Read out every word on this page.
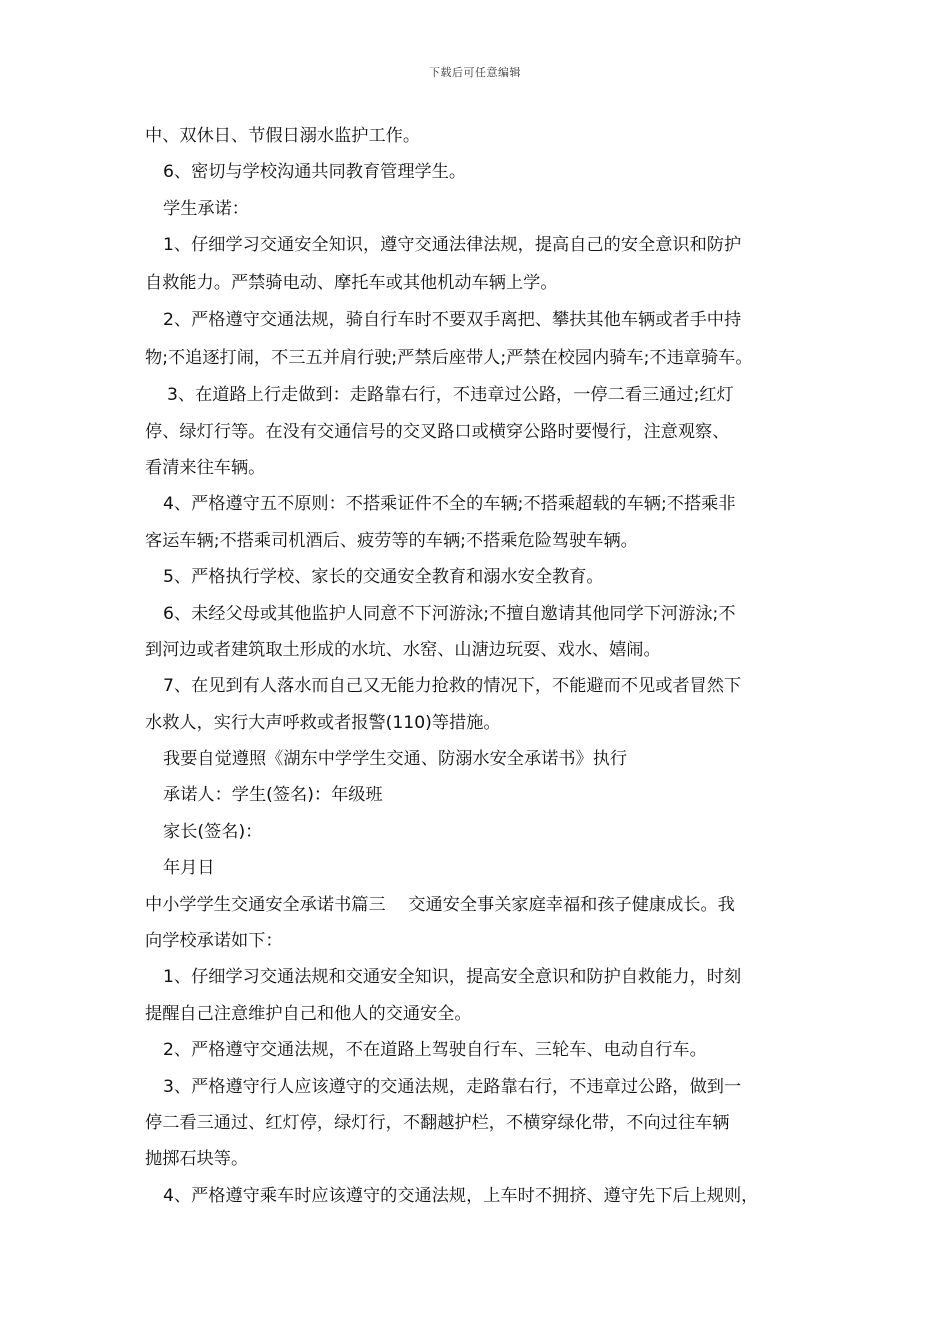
下载后可任意编辑
中、双休日、节假日溺水监护工作。
6、密切与学校沟通共同教育管理学生。
学生承诺：
1、仔细学习交通安全知识，遵守交通法律法规，提高自己的安全意识和防护
自救能力。严禁骑电动、摩托车或其他机动车辆上学。
2、严格遵守交通法规，骑自行车时不要双手离把、攀扶其他车辆或者手中持
物;不追逐打闹，不三五并肩行驶;严禁后座带人;严禁在校园内骑车;不违章骑车。
3、在道路上行走做到：走路靠右行，不违章过公路，一停二看三通过;红灯
停、绿灯行等。在没有交通信号的交叉路口或横穿公路时要慢行，注意观察、
看清来往车辆。
4、严格遵守五不原则：不搭乘证件不全的车辆;不搭乘超载的车辆;不搭乘非
客运车辆;不搭乘司机酒后、疲劳等的车辆;不搭乘危险驾驶车辆。
5、严格执行学校、家长的交通安全教育和溺水安全教育。
6、未经父母或其他监护人同意不下河游泳;不擅自邀请其他同学下河游泳;不
到河边或者建筑取土形成的水坑、水窑、山溏边玩耍、戏水、嬉闹。
7、在见到有人落水而自己又无能力抢救的情况下，不能避而不见或者冒然下
水救人，实行大声呼救或者报警(110)等措施。
我要自觉遵照《湖东中学学生交通、防溺水安全承诺书》执行
承诺人：学生(签名)：年级班
家长(签名)：
年月日
中小学学生交通安全承诺书篇三　 交通安全事关家庭幸福和孩子健康成长。我
向学校承诺如下：
1、仔细学习交通法规和交通安全知识，提高安全意识和防护自救能力，时刻
提醒自己注意维护自己和他人的交通安全。
2、严格遵守交通法规，不在道路上驾驶自行车、三轮车、电动自行车。
3、严格遵守行人应该遵守的交通法规，走路靠右行，不违章过公路，做到一
停二看三通过、红灯停，绿灯行，不翻越护栏，不横穿绿化带，不向过往车辆
抛掷石块等。
4、严格遵守乘车时应该遵守的交通法规，上车时不拥挤、遵守先下后上规则，
